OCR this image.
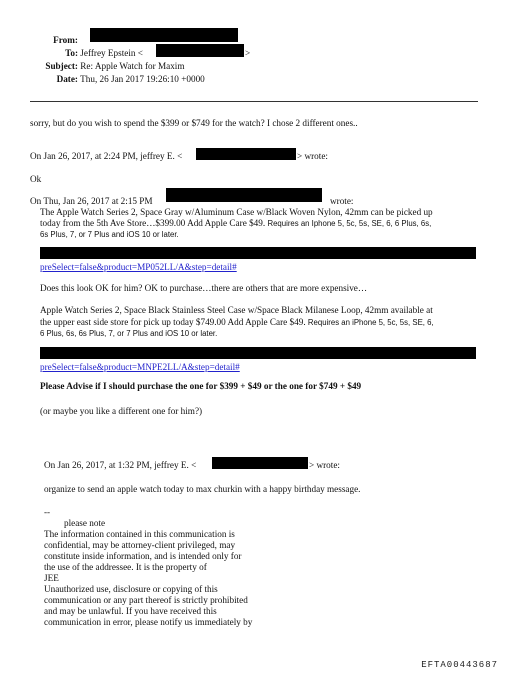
From:
To: Jeffrey Epstein <	>
Subject: Re: Apple Watch for Maxim
Date: Thu, 26 Jan 2017 19:26:10 +0000
sorry, but do you wish to spend the $399 or $749 for the watch? I chose 2 different ones..
On Jan 26, 2017, at 2:24 PM, jeffrey E. <	> wrote:
Ok
On Thu, Jan 26, 2017 at 2:15 PM	wrote:
The Apple Watch Series 2, Space Gray w/Aluminum Case w/Black Woven Nylon, 42mm can be picked up
today from the 5th Ave Store…$399.00 Add Apple Care $49. Requires an Iphone 5, 5c, 5s, SE, 6, 6 Plus, 6s,
6s Plus, 7, or 7 Plus and iOS 10 or later.
preSelect=false&product=MP052LL/A&step=detail#
Does this look OK for him? OK to purchase…there are others that are more expensive…
Apple Watch Series 2, Space Black Stainless Steel Case w/Space Black Milanese Loop, 42mm available at
the upper east side store for pick up today $749.00 Add Apple Care $49. Requires an iPhone 5, 5c, 5s, SE, 6,
6 Plus, 6s, 6s Plus, 7, or 7 Plus and iOS 10 or later.
preSelect=false&product=MNPE2LL/A&step=detail#
Please Advise if I should purchase the one for $399 + $49 or the one for $749 + $49
(or maybe you like a different one for him?)
On Jan 26, 2017, at 1:32 PM, jeffrey E. <	> wrote:
organize to send an apple watch today to max churkin with a happy birthday message.
--
please note
The information contained in this communication is
confidential, may be attorney-client privileged, may
constitute inside information, and is intended only for
the use of the addressee. It is the property of
JEE
Unauthorized use, disclosure or copying of this
communication or any part thereof is strictly prohibited
and may be unlawful. If you have received this
communication in error, please notify us immediately by
EFTA00443687
